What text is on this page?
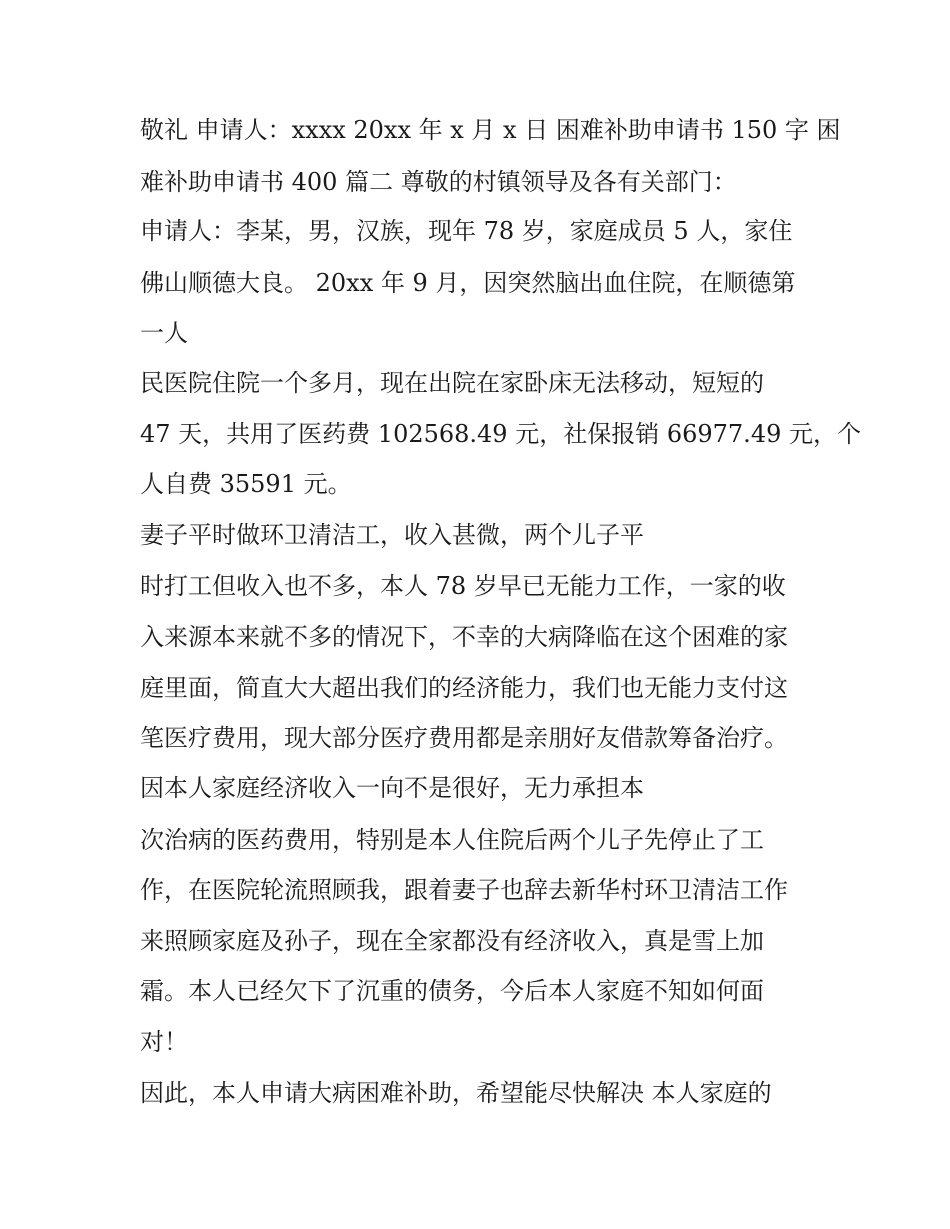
敬礼 申请人：xxxx 20xx 年 x 月 x 日 困难补助申请书 150 字 困
难补助申请书 400 篇二 尊敬的村镇领导及各有关部门：
申请人：李某，男，汉族，现年 78 岁，家庭成员 5 人，家住
佛山顺德大良。 20xx 年 9 月，因突然脑出血住院，在顺德第
一人
民医院住院一个多月，现在出院在家卧床无法移动，短短的
47 天，共用了医药费 102568.49 元，社保报销 66977.49 元，个
人自费 35591 元。
妻子平时做环卫清洁工，收入甚微，两个儿子平
时打工但收入也不多，本人 78 岁早已无能力工作，一家的收
入来源本来就不多的情况下，不幸的大病降临在这个困难的家
庭里面，简直大大超出我们的经济能力，我们也无能力支付这
笔医疗费用，现大部分医疗费用都是亲朋好友借款筹备治疗。
因本人家庭经济收入一向不是很好，无力承担本
次治病的医药费用，特别是本人住院后两个儿子先停止了工
作，在医院轮流照顾我，跟着妻子也辞去新华村环卫清洁工作
来照顾家庭及孙子，现在全家都没有经济收入，真是雪上加
霜。本人已经欠下了沉重的债务，今后本人家庭不知如何面
对！
因此，本人申请大病困难补助，希望能尽快解决 本人家庭的
